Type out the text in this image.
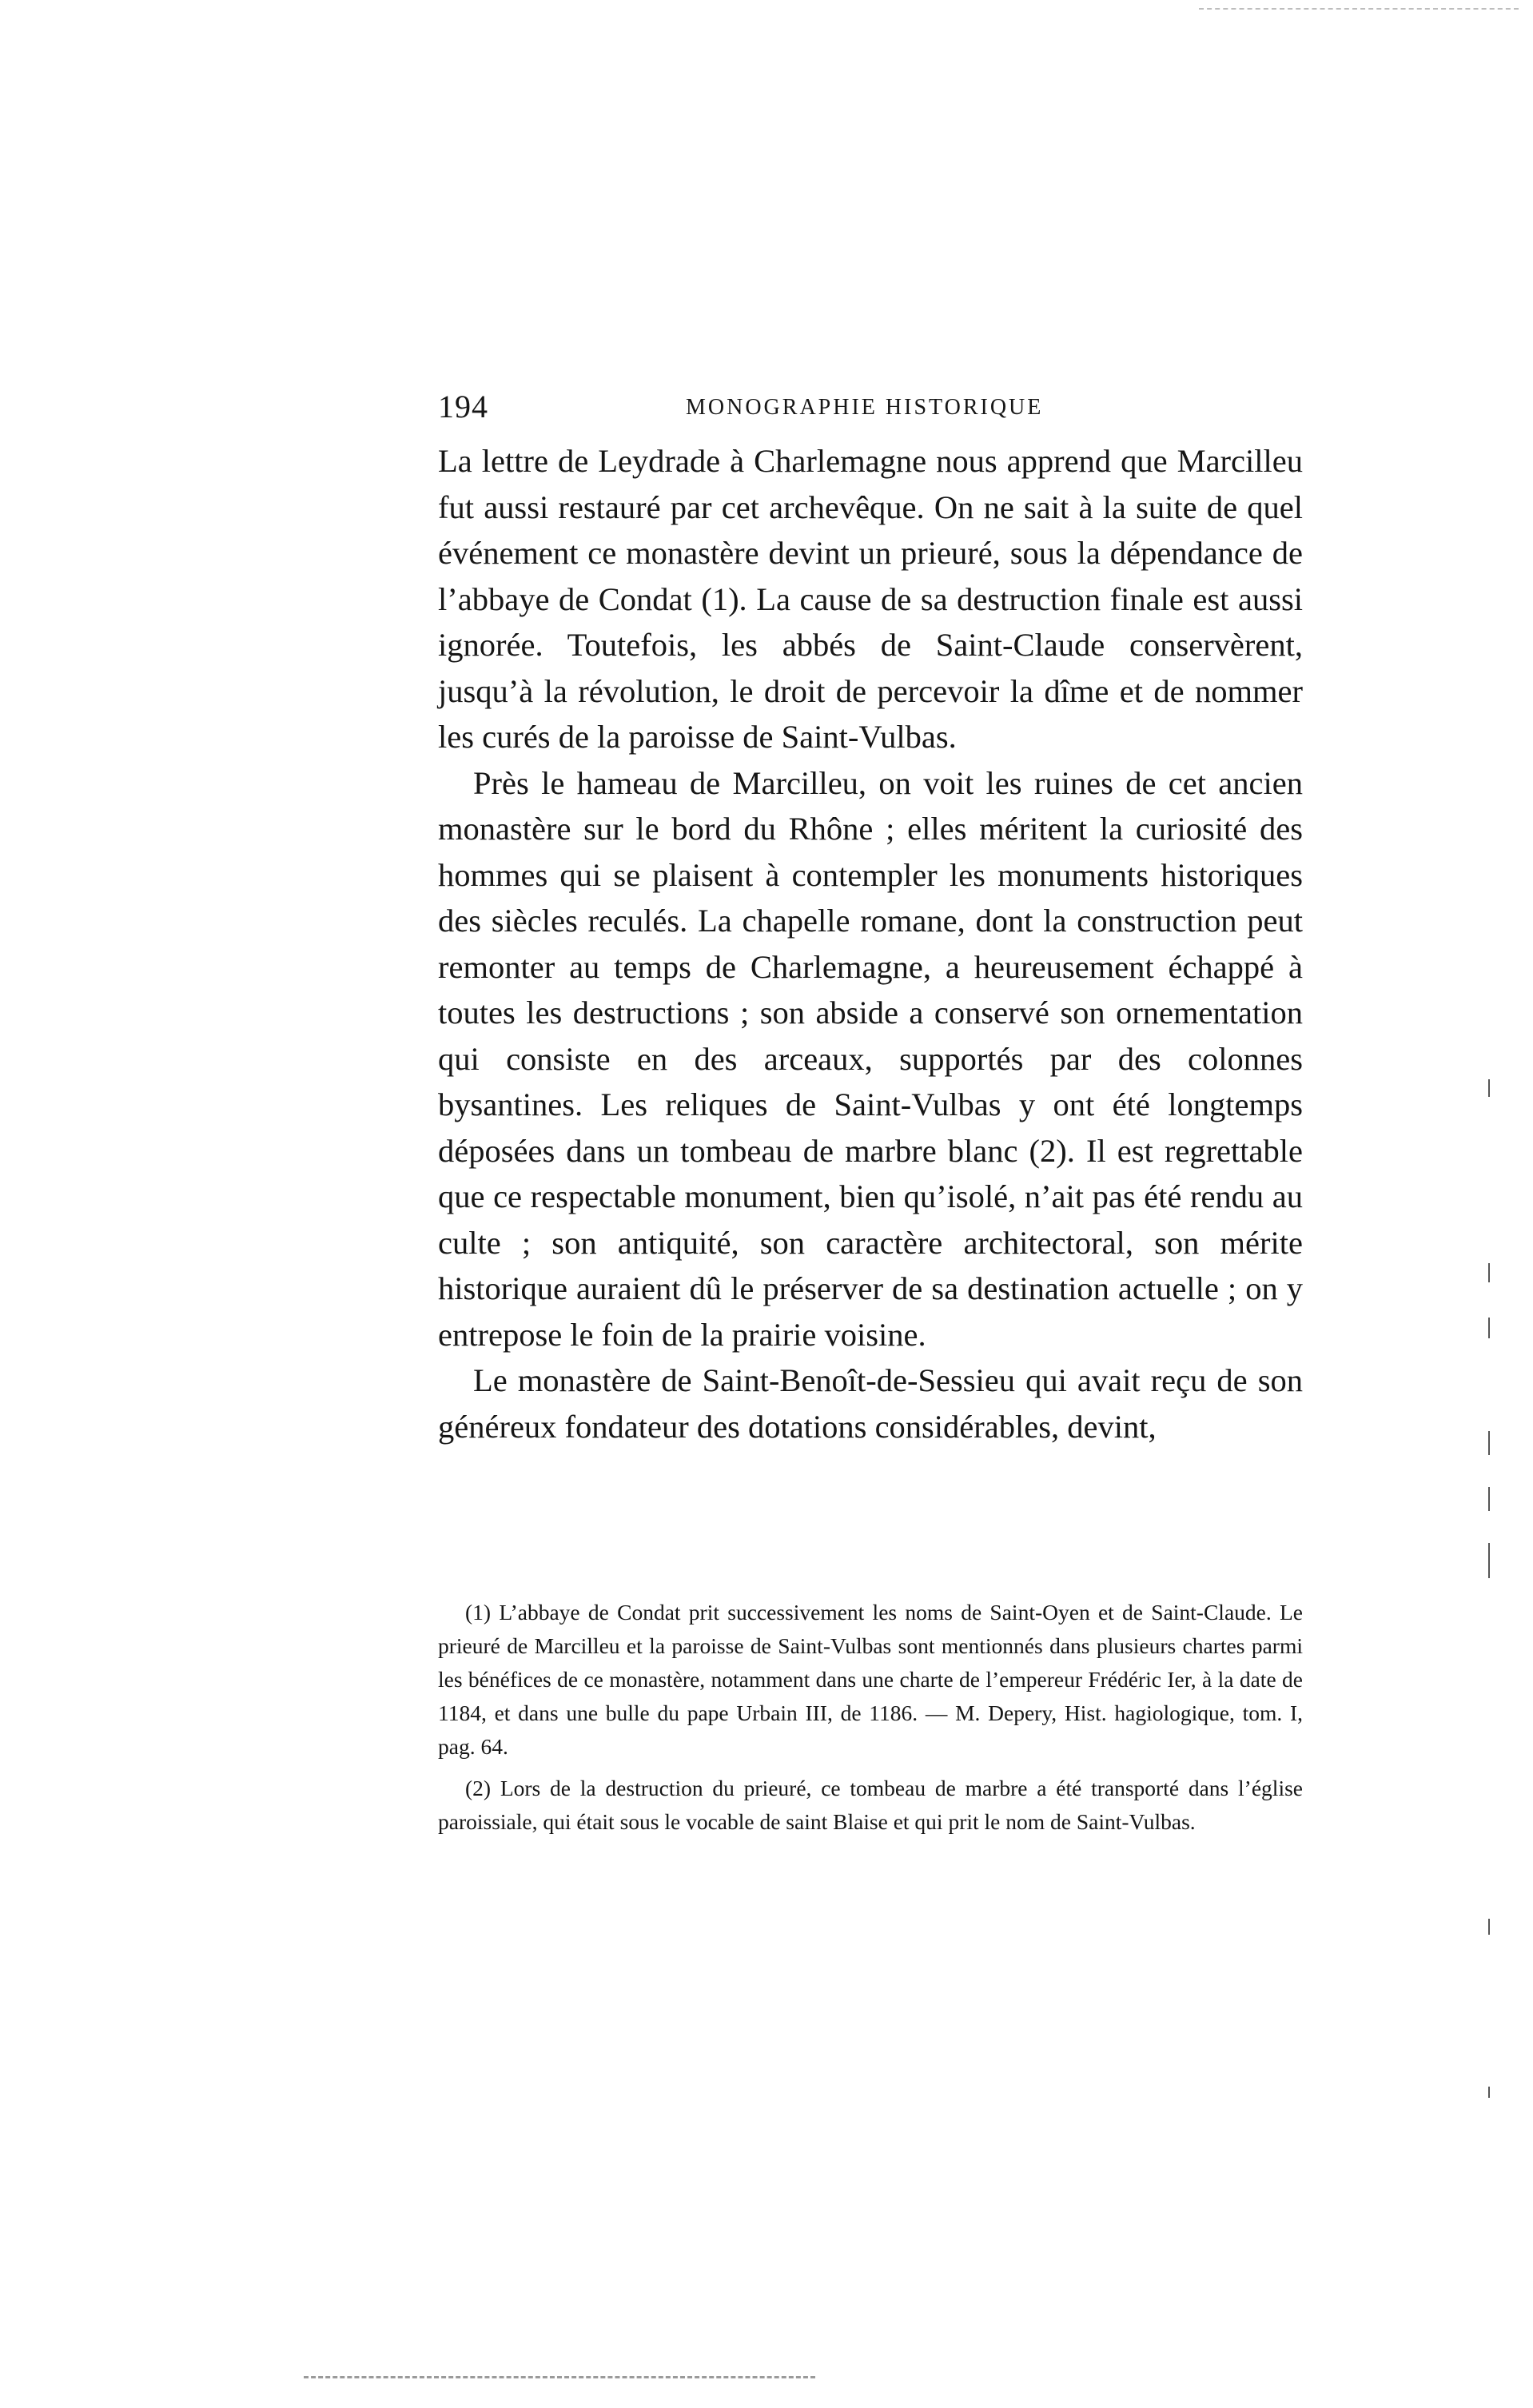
194	MONOGRAPHIE HISTORIQUE

La lettre de Leydrade à Charlemagne nous apprend que Marcilleu fut aussi restauré par cet archevêque. On ne sait à la suite de quel événement ce monastère devint un prieuré, sous la dépendance de l’abbaye de Condat (1). La cause de sa destruction finale est aussi ignorée. Toutefois, les abbés de Saint-Claude conservèrent, jusqu’à la révolution, le droit de percevoir la dîme et de nommer les curés de la paroisse de Saint-Vulbas.

Près le hameau de Marcilleu, on voit les ruines de cet ancien monastère sur le bord du Rhône ; elles méritent la curiosité des hommes qui se plaisent à contempler les monuments historiques des siècles reculés. La chapelle romane, dont la construction peut remonter au temps de Charlemagne, a heureusement échappé à toutes les destructions ; son abside a conservé son ornementation qui consiste en des arceaux, supportés par des colonnes bysantines. Les reliques de Saint-Vulbas y ont été longtemps déposées dans un tombeau de marbre blanc (2). Il est regrettable que ce respectable monument, bien qu’isolé, n’ait pas été rendu au culte ; son antiquité, son caractère architectoral, son mérite historique auraient dû le préserver de sa destination actuelle ; on y entrepose le foin de la prairie voisine.

Le monastère de Saint-Benoît-de-Sessieu qui avait reçu de son généreux fondateur des dotations considérables, devint,

(1) L’abbaye de Condat prit successivement les noms de Saint-Oyen et de Saint-Claude. Le prieuré de Marcilleu et la paroisse de Saint-Vulbas sont mentionnés dans plusieurs chartes parmi les bénéfices de ce monastère, notamment dans une charte de l’empereur Frédéric Ier, à la date de 1184, et dans une bulle du pape Urbain III, de 1186. — M. Depery, Hist. hagiologique, tom. I, pag. 64.

(2) Lors de la destruction du prieuré, ce tombeau de marbre a été transporté dans l’église paroissiale, qui était sous le vocable de saint Blaise et qui prit le nom de Saint-Vulbas.
